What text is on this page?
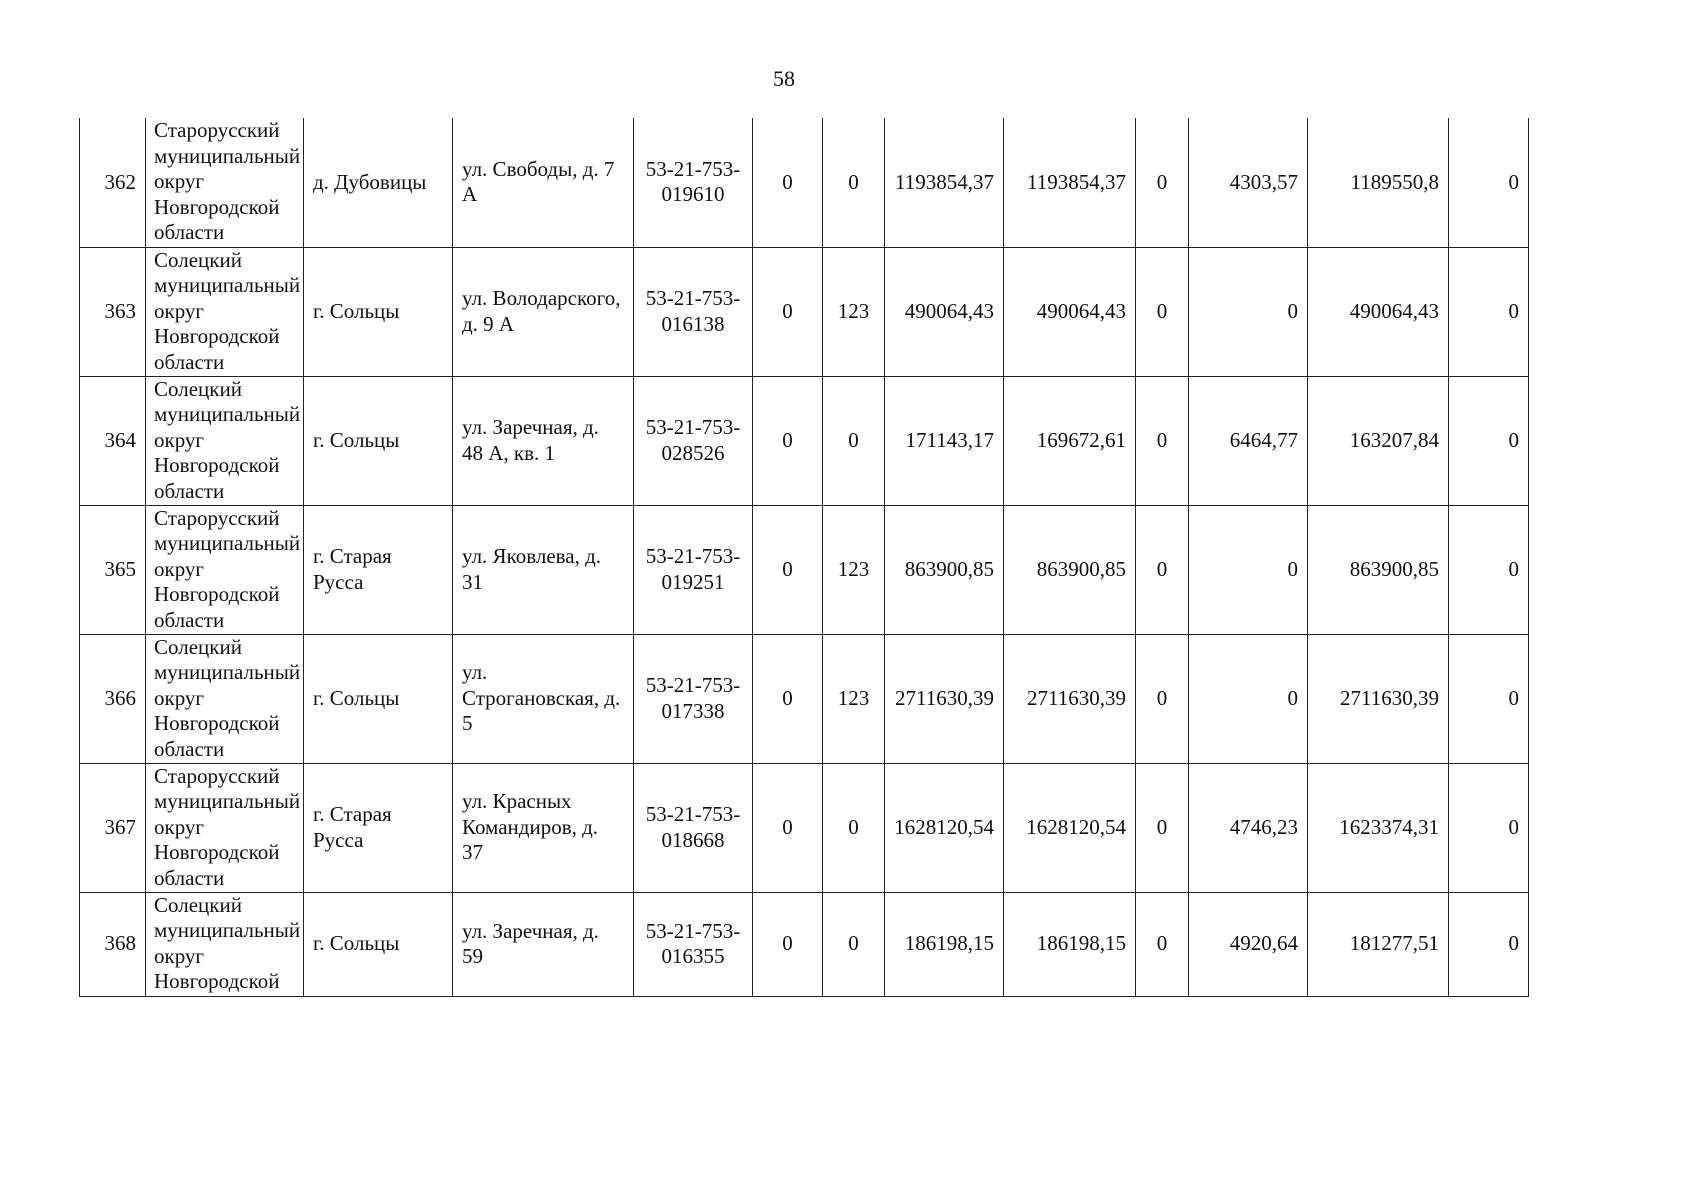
58
362	Старорусский муниципальный округ Новгородской области	д. Дубовицы	ул. Свободы, д. 7 А	53-21-753-019610	0	0	1193854,37	1193854,37	0	4303,57	1189550,8	0
363	Солецкий муниципальный округ Новгородской области	г. Сольцы	ул. Володарского, д. 9 А	53-21-753-016138	0	123	490064,43	490064,43	0	0	490064,43	0
364	Солецкий муниципальный округ Новгородской области	г. Сольцы	ул. Заречная, д. 48 А, кв. 1	53-21-753-028526	0	0	171143,17	169672,61	0	6464,77	163207,84	0
365	Старорусский муниципальный округ Новгородской области	г. Старая Русса	ул. Яковлева, д. 31	53-21-753-019251	0	123	863900,85	863900,85	0	0	863900,85	0
366	Солецкий муниципальный округ Новгородской области	г. Сольцы	ул. Строгановская, д. 5	53-21-753-017338	0	123	2711630,39	2711630,39	0	0	2711630,39	0
367	Старорусский муниципальный округ Новгородской области	г. Старая Русса	ул. Красных Командиров, д. 37	53-21-753-018668	0	0	1628120,54	1628120,54	0	4746,23	1623374,31	0
368	Солецкий муниципальный округ Новгородской	г. Сольцы	ул. Заречная, д. 59	53-21-753-016355	0	0	186198,15	186198,15	0	4920,64	181277,51	0
